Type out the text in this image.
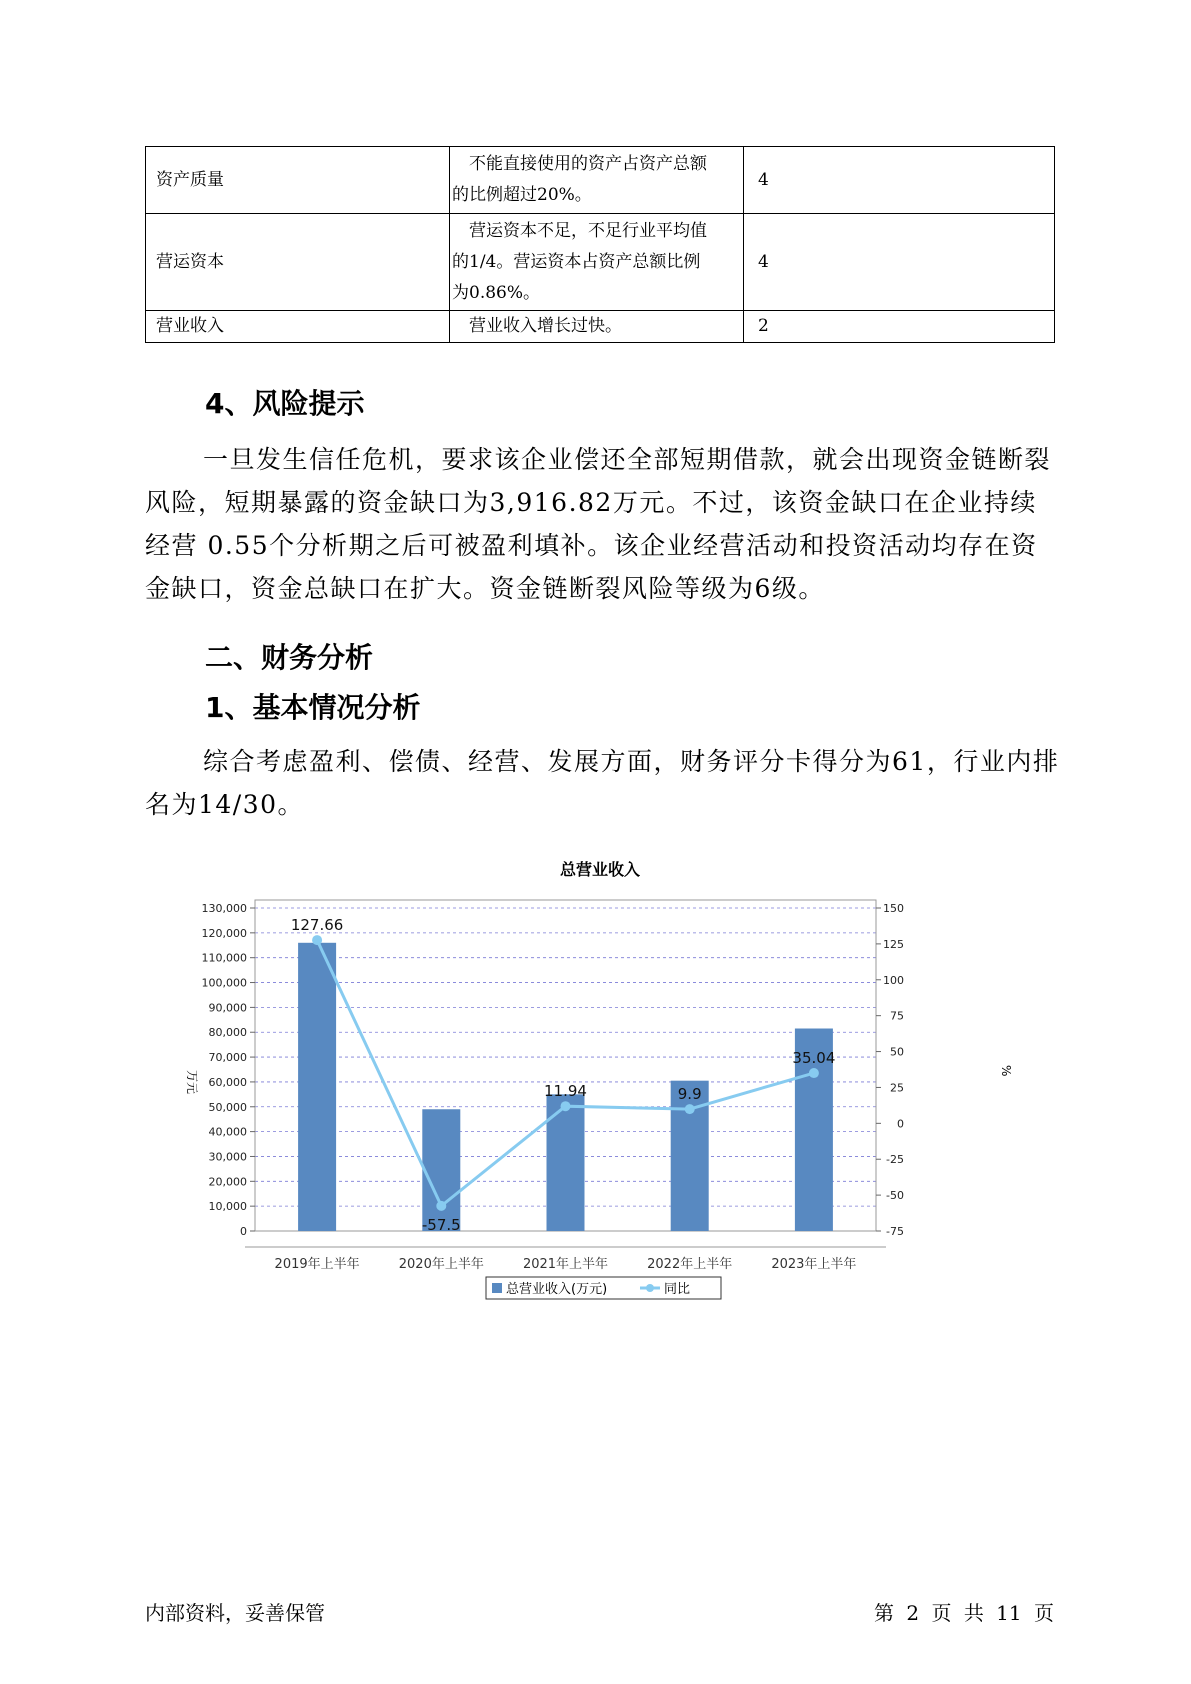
资产质量	　不能直接使用的资产占资产总额
的比例超过20%。	4
营运资本	　营运资本不足，不足行业平均值
的1/4。营运资本占资产总额比例
为0.86%。	4
营业收入	　营业收入增长过快。	2
4、风险提示

一旦发生信任危机，要求该企业偿还全部短期借款，就会出现资金链断裂风险，短期暴露的资金缺口为3,916.82万元。不过，该资金缺口在企业持续经营 0.55个分析期之后可被盈利填补。该企业经营活动和投资活动均存在资金缺口，资金总缺口在扩大。资金链断裂风险等级为6级。

二、财务分析
1、基本情况分析

综合考虑盈利、偿债、经营、发展方面，财务评分卡得分为61，行业内排名为14/30。

总营业收入
127.66
-57.5
11.94	9.9
35.04
0
10,000
20,000
30,000
40,000
50,000
60,000
70,000
80,000
90,000
100,000
110,000
120,000
130,000
-75
-50
-25
0
25
50
75
100
125
150
2019年上半年	2020年上半年	2021年上半年	2022年上半年	2023年上半年
万元	%
总营业收入(万元)	同比
内部资料，妥善保管	第 2 页 共 11 页
